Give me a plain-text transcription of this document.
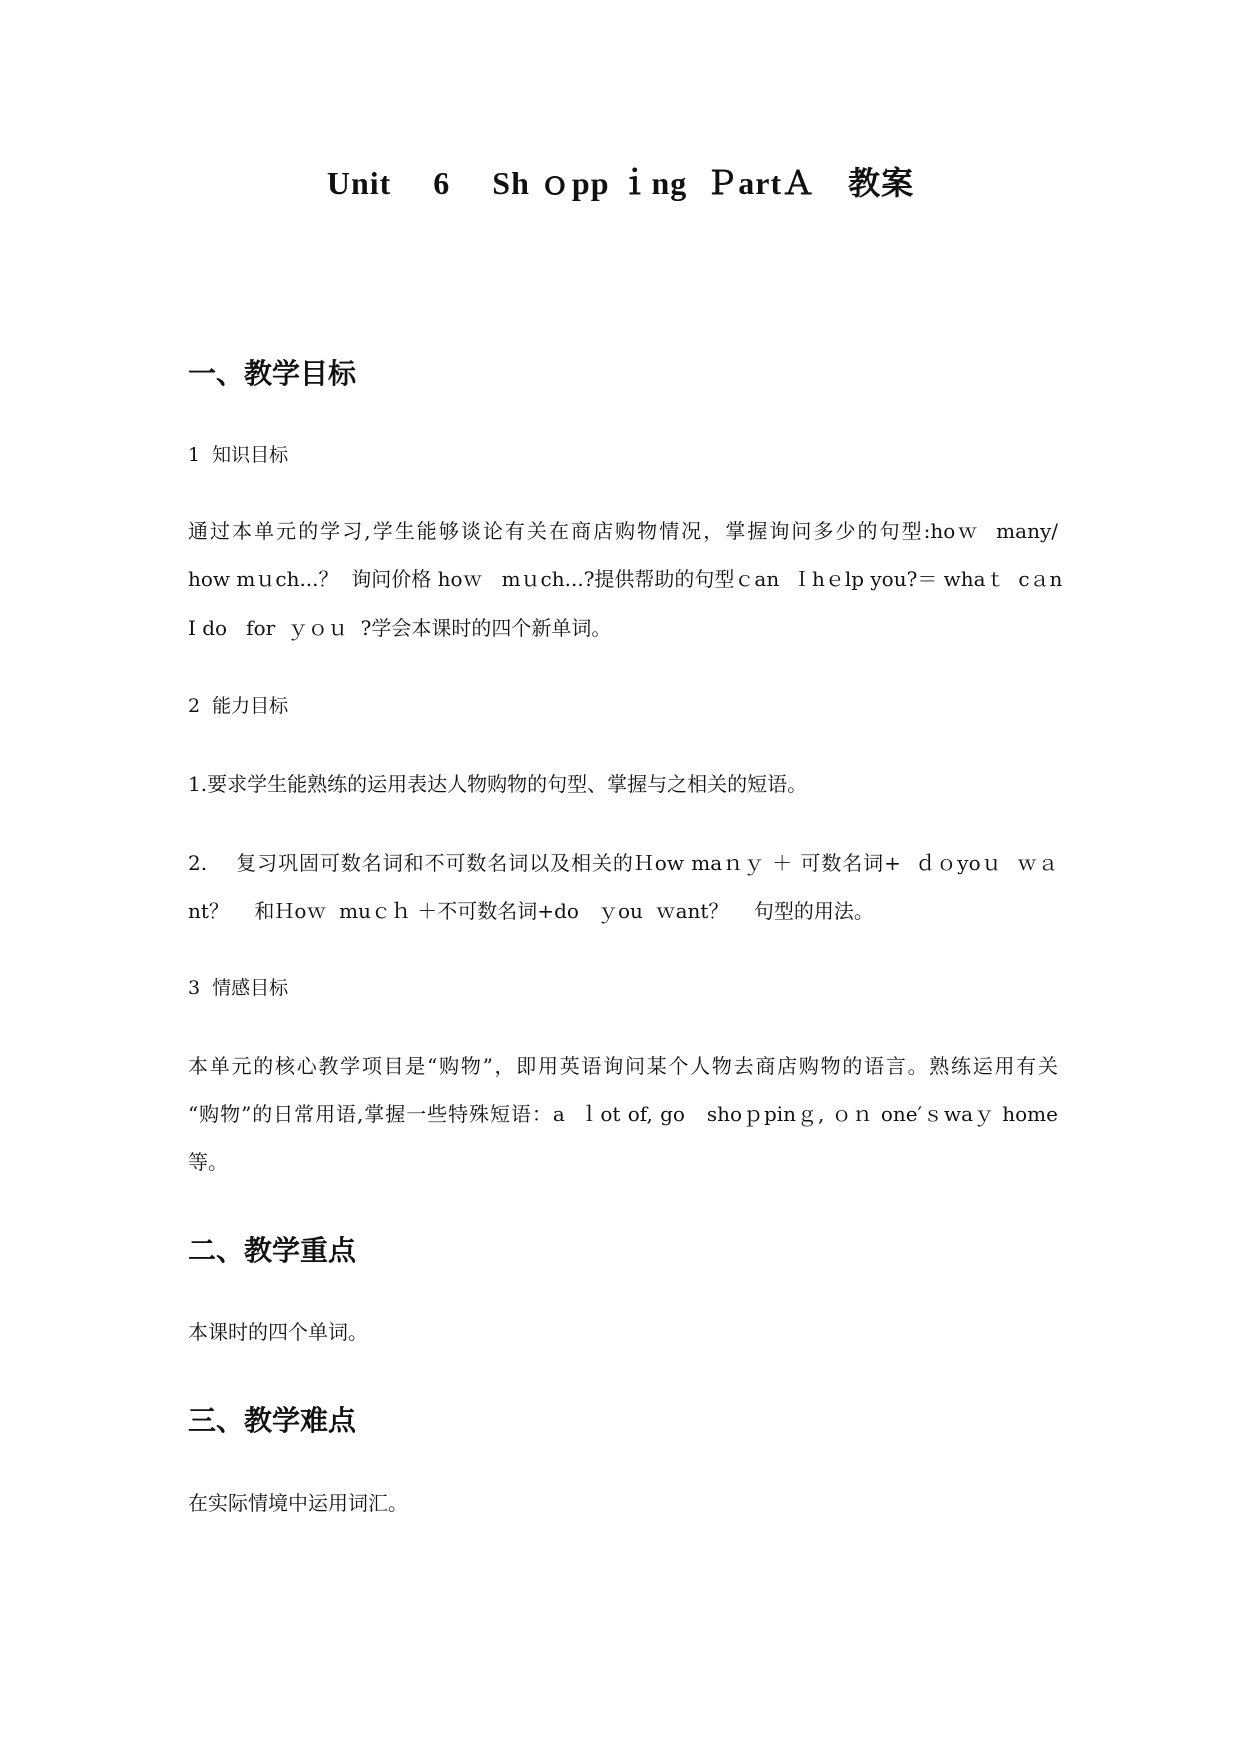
Unit　 6　 Sh ｏpp ｉng  ＰartＡ　教案
一、教学目标
1  知识目标
通过本单元的学习,学生能够谈论有关在商店购物情况，掌握询问多少的句型:hoｗ  many/
how mｕch...？  询问价格 hoｗ   mｕch...?提供帮助的句型ｃan  Ｉhｅlp you?＝ whaｔ  cａn
I do   for  ｙｏｕ  ?学会本课时的四个新单词。
2  能力目标
1.要求学生能熟练的运用表达人物购物的句型、掌握与之相关的短语。
2.    复习巩固可数名词和不可数名词以及相关的Ｈow maｎｙ ＋ 可数名词+  ｄｏyoｕ  ｗａ
nt？    和Ｈoｗ  muｃｈ ＋不可数名词+do   ｙou  ｗant？    句型的用法。
3  情感目标
本单元的核心教学项目是“购物”，即用英语询问某个人物去商店购物的语言。熟练运用有关
“购物”的日常用语,掌握一些特殊短语：a  ｌot of, go   shoｐpinｇ, ｏｎ one′ｓwaｙ home
等。
二、教学重点
本课时的四个单词。
三、教学难点
在实际情境中运用词汇。
